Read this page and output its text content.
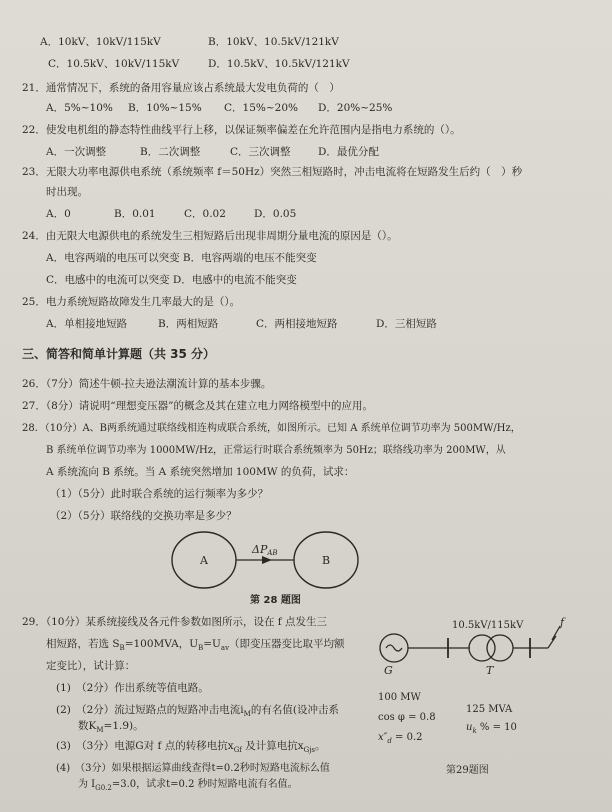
A．10kV、10kV/115kV	B．10kV、10.5kV/121kV
C．10.5kV、10kV/115kV	D．10.5kV、10.5kV/121kV
21．通常情况下，系统的备用容量应该占系统最大发电负荷的（　）
A．5%~10% B．10%~15% C．15%~20% D．20%~25%
22．使发电机组的静态特性曲线平行上移，以保证频率偏差在允许范围内是指电力系统的（）。
A．一次调整	B．二次调整	C．三次调整	D．最优分配
23．无限大功率电源供电系统（系统频率 f＝50Hz）突然三相短路时，冲击电流将在短路发生后约（　）秒
时出现。
A．0	B．0.01	C．0.02	D．0.05
24．由无限大电源供电的系统发生三相短路后出现非周期分量电流的原因是（）。
A．电容两端的电压可以突变 B．电容两端的电压不能突变
C．电感中的电流可以突变 D．电感中的电流不能突变
25．电力系统短路故障发生几率最大的是（）。
A．单相接地短路	B．两相短路	C．两相接地短路	D．三相短路
三、简答和简单计算题（共 35 分）
26．（7分）简述牛顿-拉夫逊法潮流计算的基本步骤。
27．（8分）请说明“理想变压器”的概念及其在建立电力网络模型中的应用。
28．（10分）A、B两系统通过联络线相连构成联合系统，如图所示。已知 A 系统单位调节功率为 500MW/Hz，
B 系统单位调节功率为 1000MW/Hz，正常运行时联合系统频率为 50Hz；联络线功率为 200MW，从
A 系统流向 B 系统。当 A 系统突然增加 100MW 的负荷，试求：
（1）（5分）此时联合系统的运行频率为多少？
（2）（5分）联络线的交换功率是多少？
A	B
ΔPAB
第 28 题图
29．（10分）某系统接线及各元件参数如图所示，设在 f 点发生三
相短路，若选 $S_B=100MVA$，$U_B=U_{av}$（即变压器变比取平均额
定变比），试计算：
(1)　（2分）作出系统等值电路。
(2)　（2分）流过短路点的短路冲击电流$i_M$的有名值(设冲击系
数$K_M=1.9$)。
(3)　（3分）电源G对 f 点的转移电抗$x_{Gf}$ 及计算电抗$x_{Gjs}$。
(4)　（3分）如果根据运算曲线查得t=0.2秒时短路电流标么值
为 $I_{G0.2}=3.0$，试求t=0.2 秒时短路电流有名值。
f
10.5kV/115kV
G	T
100 MW
cos φ = 0.8
$x''_d = 0.2$
125 MVA
$u_k$ % = 10
第29题图
